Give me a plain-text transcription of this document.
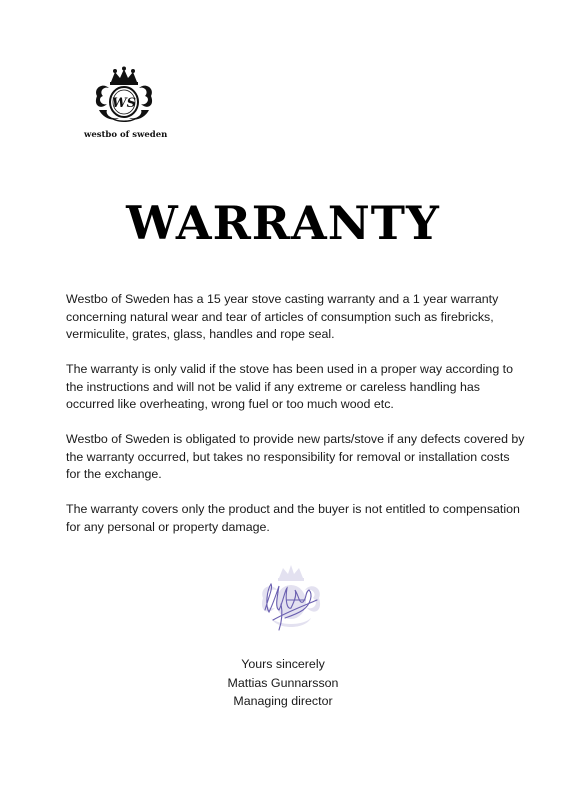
WS
westbo of sweden
WARRANTY

Westbo of Sweden has a 15 year stove casting warranty and a 1 year warranty concerning natural wear and tear of articles of consumption such as firebricks, vermiculite, grates, glass, handles and rope seal.

The warranty is only valid if the stove has been used in a proper way according to the instructions and will not be valid if any extreme or careless handling has occurred like overheating, wrong fuel or too much wood etc.

Westbo of Sweden is obligated to provide new parts/stove if any defects covered by the warranty occurred, but takes no responsibility for removal or installation costs for the exchange.

The warranty covers only the product and the buyer is not entitled to compensation for any personal or property damage.

Yours sincerely
Mattias Gunnarsson
Managing director
